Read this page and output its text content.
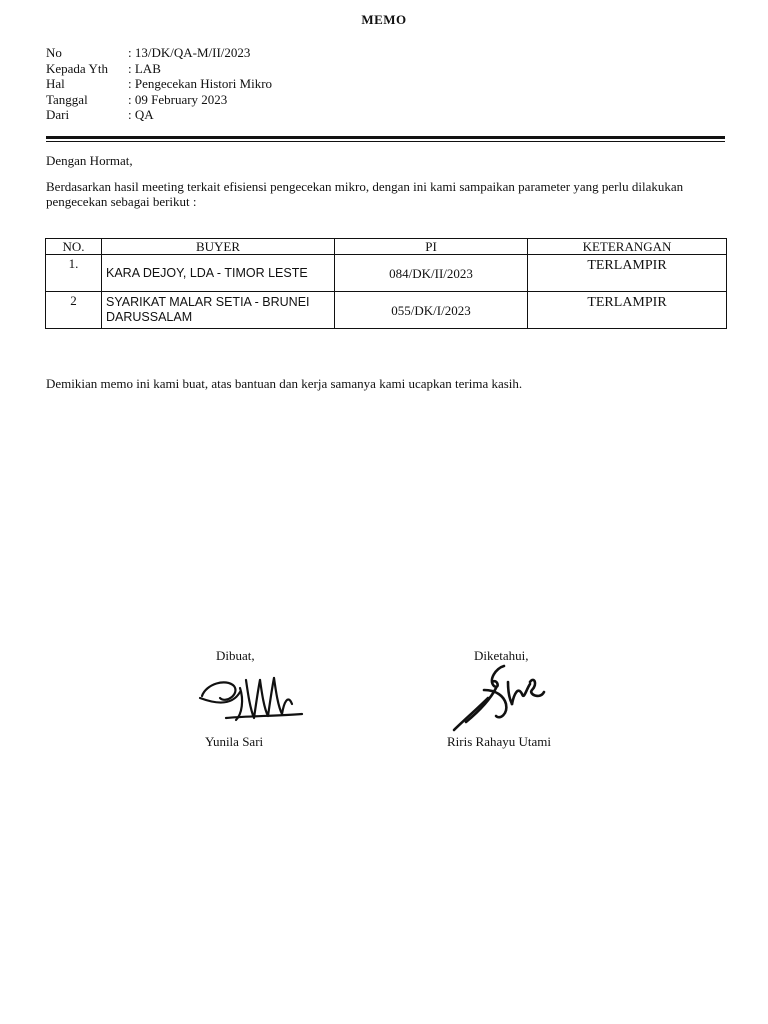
MEMO
No	: 13/DK/QA-M/II/2023
Kepada Yth : LAB
Hal	: Pengecekan Histori Mikro
Tanggal	: 09 February 2023
Dari	: QA
Dengan Hormat,
Berdasarkan hasil meeting terkait efisiensi pengecekan mikro, dengan ini kami sampaikan parameter yang perlu dilakukan pengecekan sebagai berikut :
NO.	BUYER	PI	KETERANGAN
1.	KARA DEJOY, LDA - TIMOR LESTE	084/DK/II/2023	TERLAMPIR
2	SYARIKAT MALAR SETIA - BRUNEI DARUSSALAM	055/DK/I/2023	TERLAMPIR
Demikian memo ini kami buat, atas bantuan dan kerja samanya kami ucapkan terima kasih.
Dibuat,	Diketahui,
Yunila Sari	Riris Rahayu Utami
